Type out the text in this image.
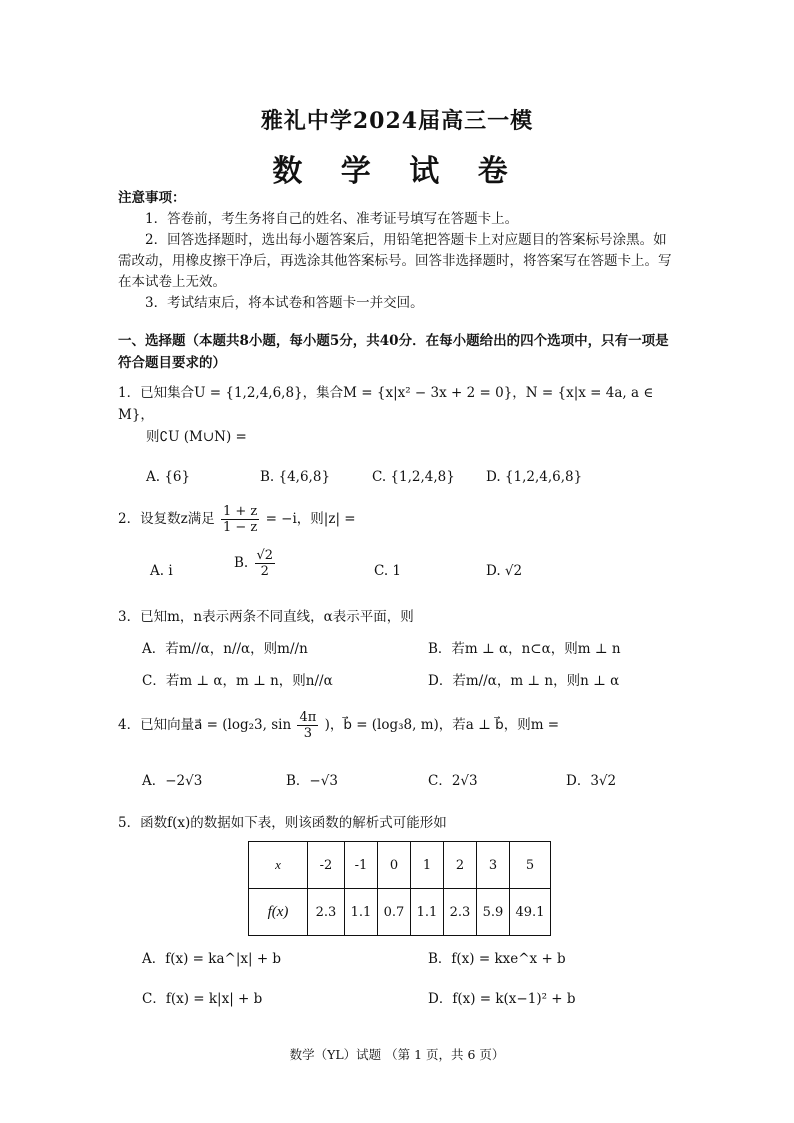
雅礼中学2024届高三一模
数 学 试 卷
注意事项：

1．答卷前，考生务将自己的姓名、准考证号填写在答题卡上。

2．回答选择题时，选出每小题答案后，用铅笔把答题卡上对应题目的答案标号涂黑。如需改动，用橡皮擦干净后，再选涂其他答案标号。回答非选择题时，将答案写在答题卡上。写在本试卷上无效。

3．考试结束后，将本试卷和答题卡一并交回。

一、选择题（本题共8小题，每小题5分，共40分．在每小题给出的四个选项中，只有一项是符合题目要求的）
1．已知集合U = {1,2,4,6,8}，集合M = {x|x² − 3x + 2 = 0}，N = {x|x = 4a, a ∈ M}，
则∁U (M∪N) =
A. {6}	B. {4,6,8}	C. {1,2,4,8} D. {1,2,4,6,8}
2．设复数z满足 $\frac{1 + z}{1 - z} = -i$，则|z| =
A. i	B. $\frac{√2}{2}$	C. 1	D. √2
3．已知m，n表示两条不同直线，α表示平面，则
A．若m//α，n//α，则m//n	B．若m ⊥ α，n⊂α，则m ⊥ n
C．若m ⊥ α，m ⊥ n，则n//α	D．若m//α，m ⊥ n，则n ⊥ α
4．已知向量a⃗ = (log₂3, $\sin \frac{4\pi}{3}$ )，b⃗ = (log₃8, m)，若a ⊥ b⃗，则m =
A．−2√3	B．−√3	C．2√3	D．3√2
5．函数f(x)的数据如下表，则该函数的解析式可能形如
x	-2	-1	0	1	2	3	5
f(x)	2.3	1.1	0.7	1.1	2.3	5.9	49.1
A．f(x) = ka^|x| + b	B．f(x) = kxe^x + b
C．f(x) = k|x| + b	D．f(x) = k(x−1)² + b
数学（YL）试题 （第 1 页，共 6 页）
